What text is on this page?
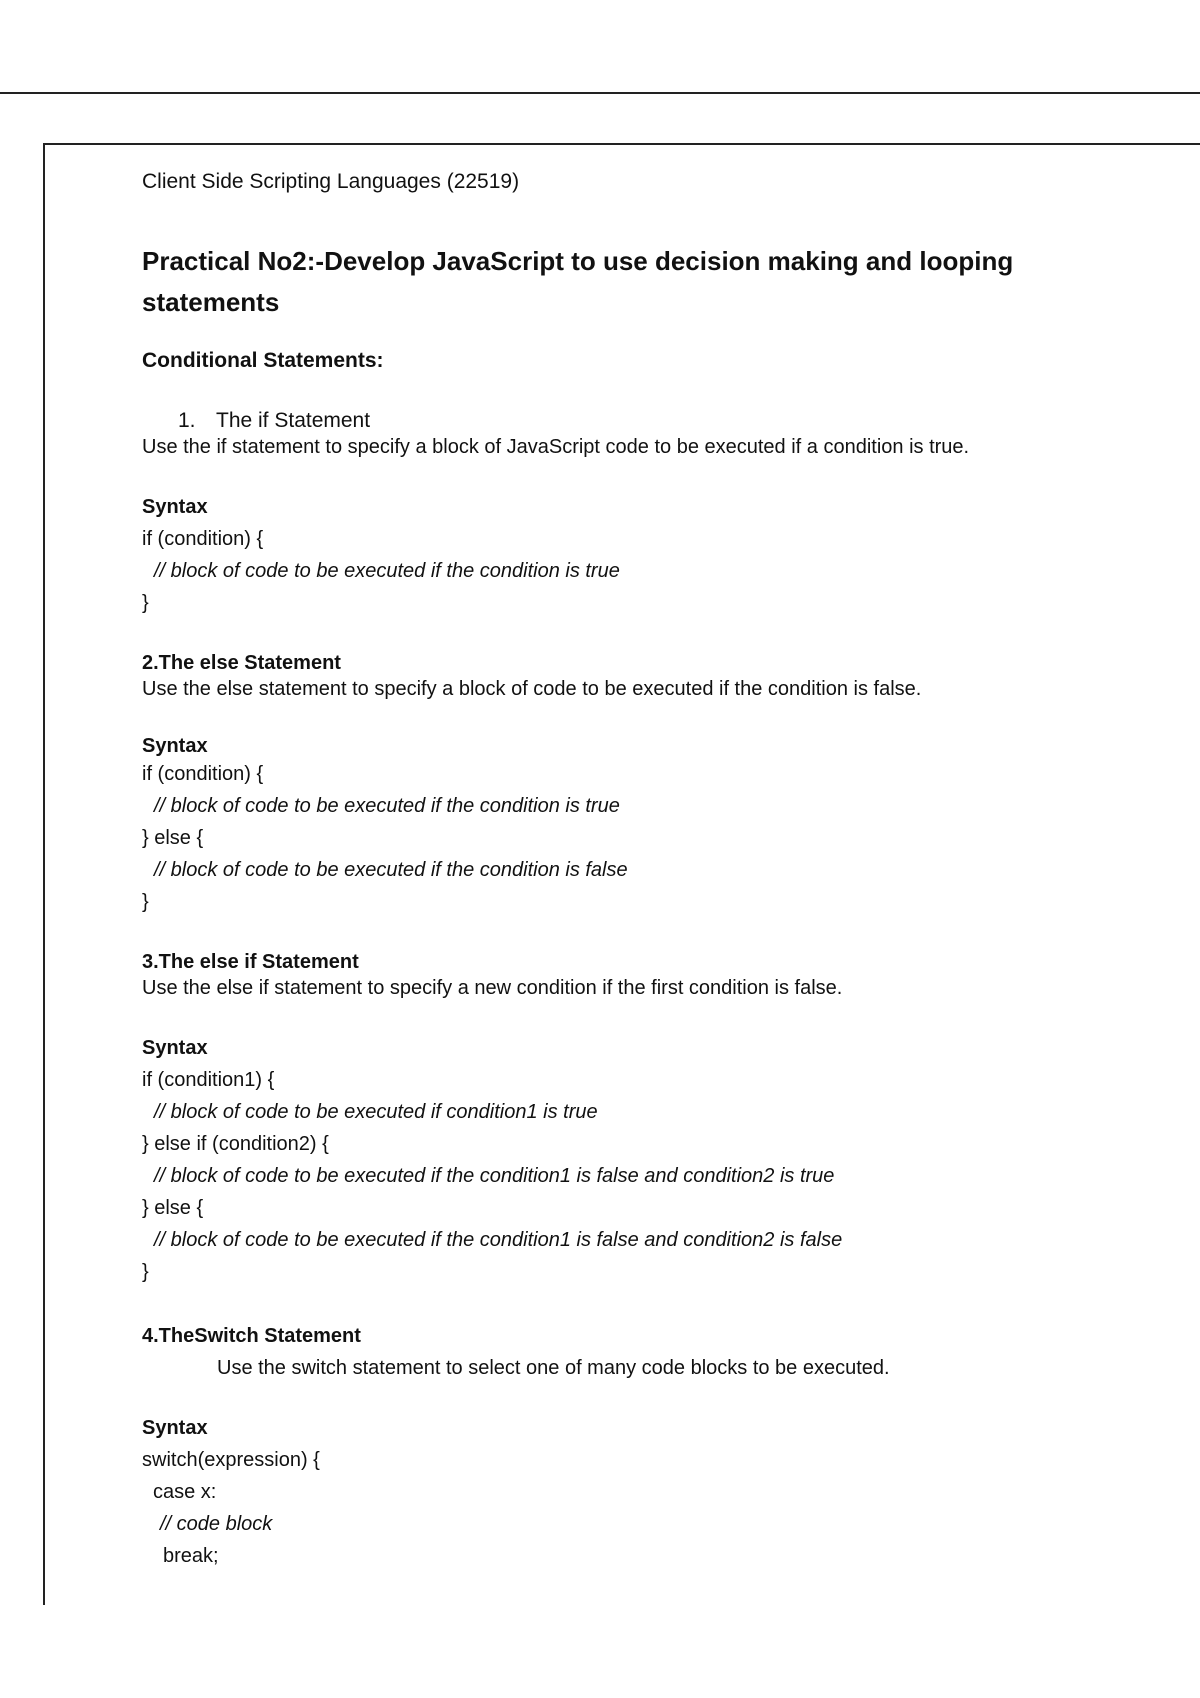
Client Side Scripting Languages (22519)

Practical No2:-Develop JavaScript to use decision making and looping

statements

Conditional Statements:

1. The if Statement

Use the if statement to specify a block of JavaScript code to be executed if a condition is true.

Syntax

if (condition) {

// block of code to be executed if the condition is true

}

2.The else Statement

Use the else statement to specify a block of code to be executed if the condition is false.

Syntax

if (condition) {

// block of code to be executed if the condition is true

} else {

// block of code to be executed if the condition is false

}

3.The else if Statement

Use the else if statement to specify a new condition if the first condition is false.

Syntax

if (condition1) {

// block of code to be executed if condition1 is true

} else if (condition2) {

// block of code to be executed if the condition1 is false and condition2 is true

} else {

// block of code to be executed if the condition1 is false and condition2 is false

}

4.TheSwitch Statement

Use the switch statement to select one of many code blocks to be executed.

Syntax

switch(expression) {

case x:

// code block

break;
